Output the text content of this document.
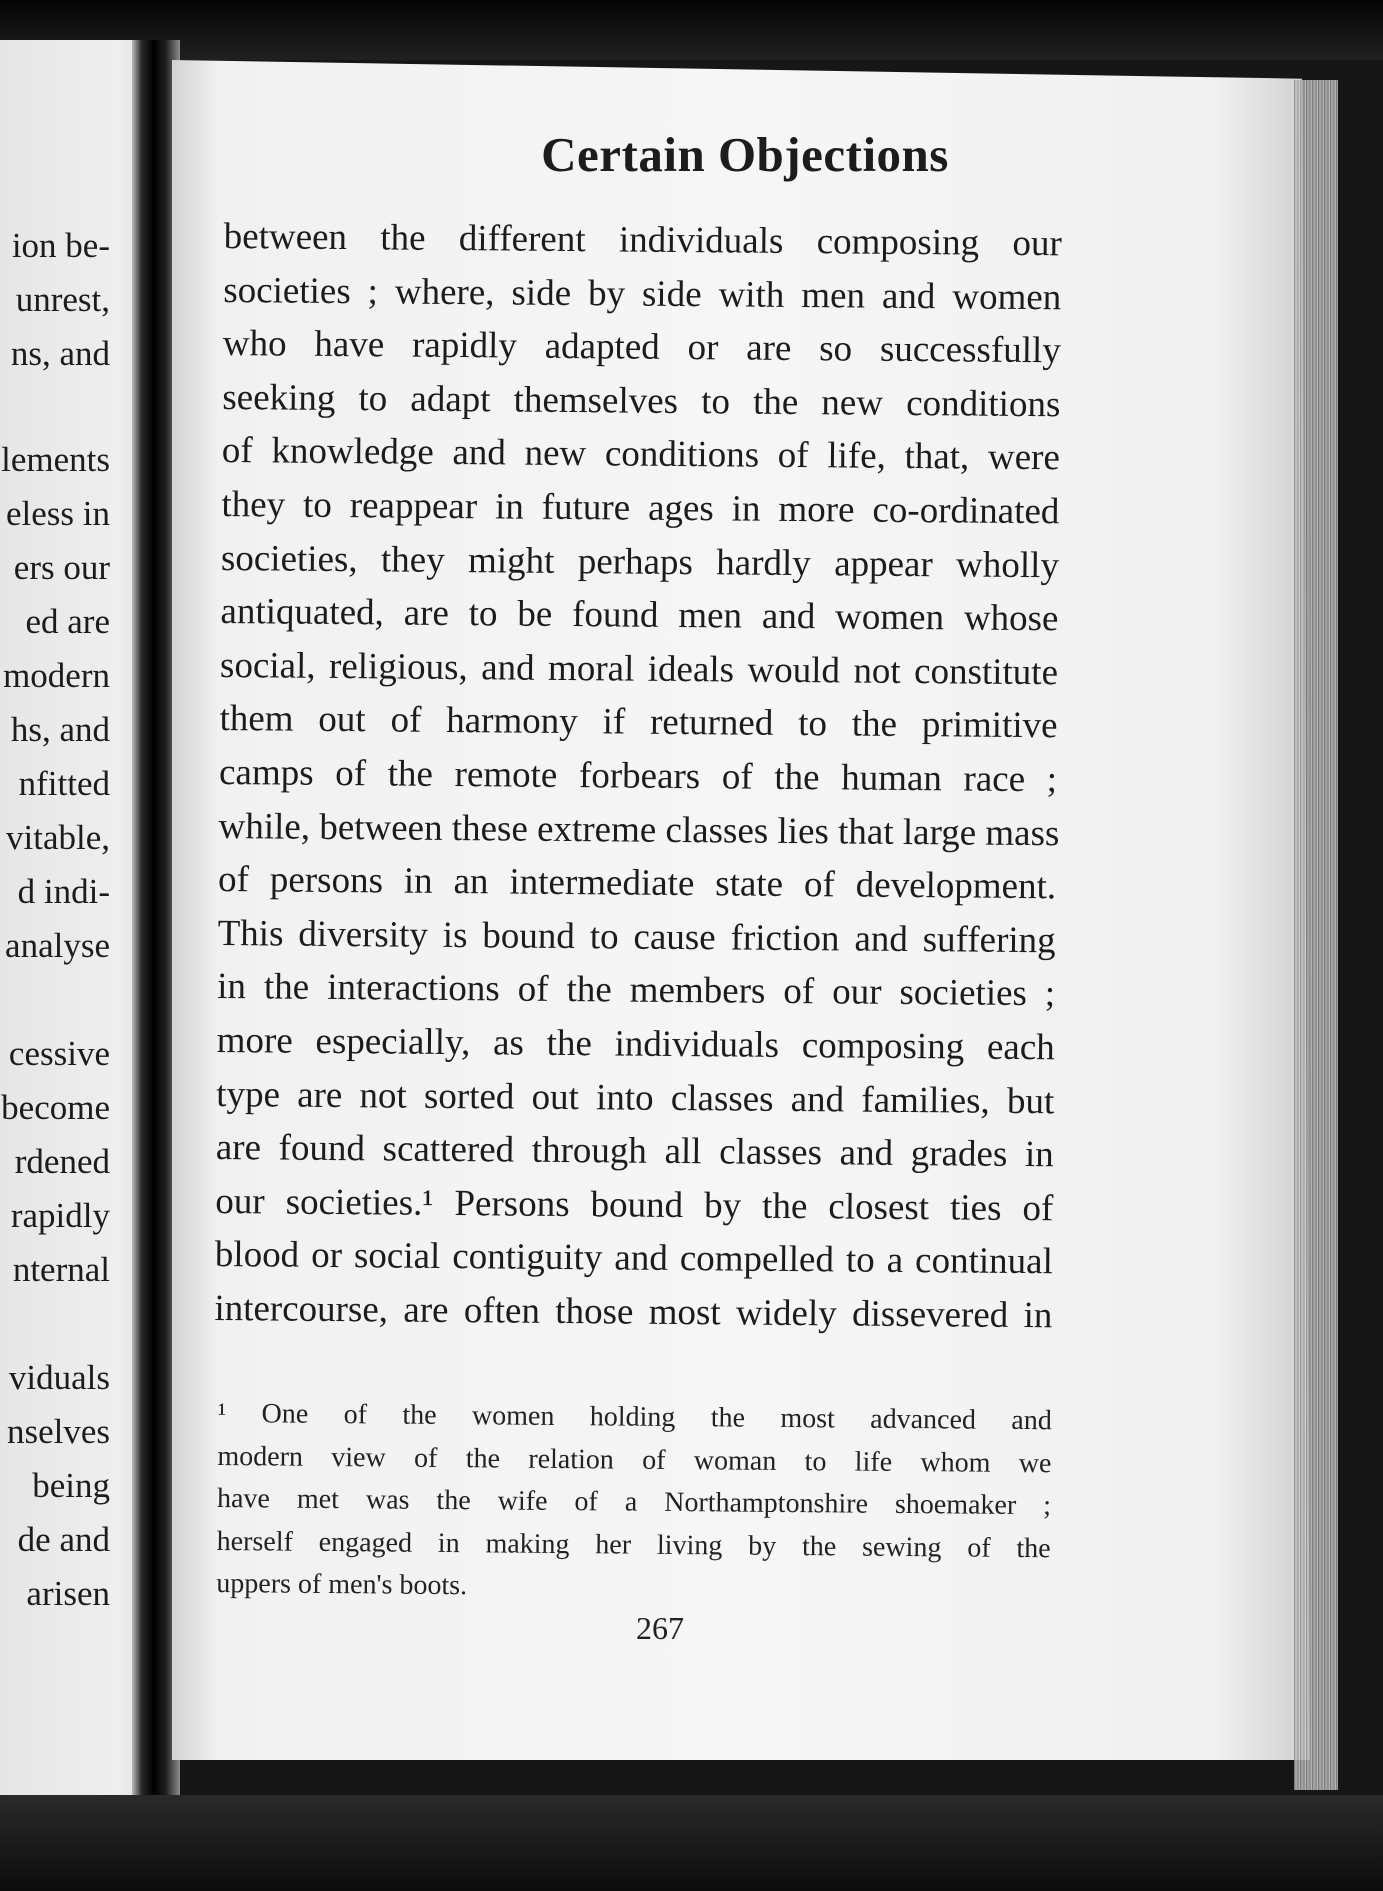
ion be-
unrest,
ns, and
lements
eless in
ers our
ed are
modern
hs, and
nfitted
vitable,
d indi-
analyse
cessive
become
rdened
rapidly
nternal
viduals
nselves
being
de and
arisen
Certain Objections
between the different individuals composing our
societies ; where, side by side with men and women
who have rapidly adapted or are so successfully
seeking to adapt themselves to the new conditions
of knowledge and new conditions of life, that, were
they to reappear in future ages in more co-ordinated
societies, they might perhaps hardly appear wholly
antiquated, are to be found men and women whose
social, religious, and moral ideals would not constitute
them out of harmony if returned to the primitive
camps of the remote forbears of the human race ;
while, between these extreme classes lies that large mass
of persons in an intermediate state of development.
This diversity is bound to cause friction and suffering
in the interactions of the members of our societies ;
more especially, as the individuals composing each
type are not sorted out into classes and families, but
are found scattered through all classes and grades in
our societies.¹ Persons bound by the closest ties of
blood or social contiguity and compelled to a continual
intercourse, are often those most widely dissevered in
¹ One of the women holding the most advanced and
modern view of the relation of woman to life whom we
have met was the wife of a Northamptonshire shoemaker ;
herself engaged in making her living by the sewing of the
uppers of men's boots.
267
